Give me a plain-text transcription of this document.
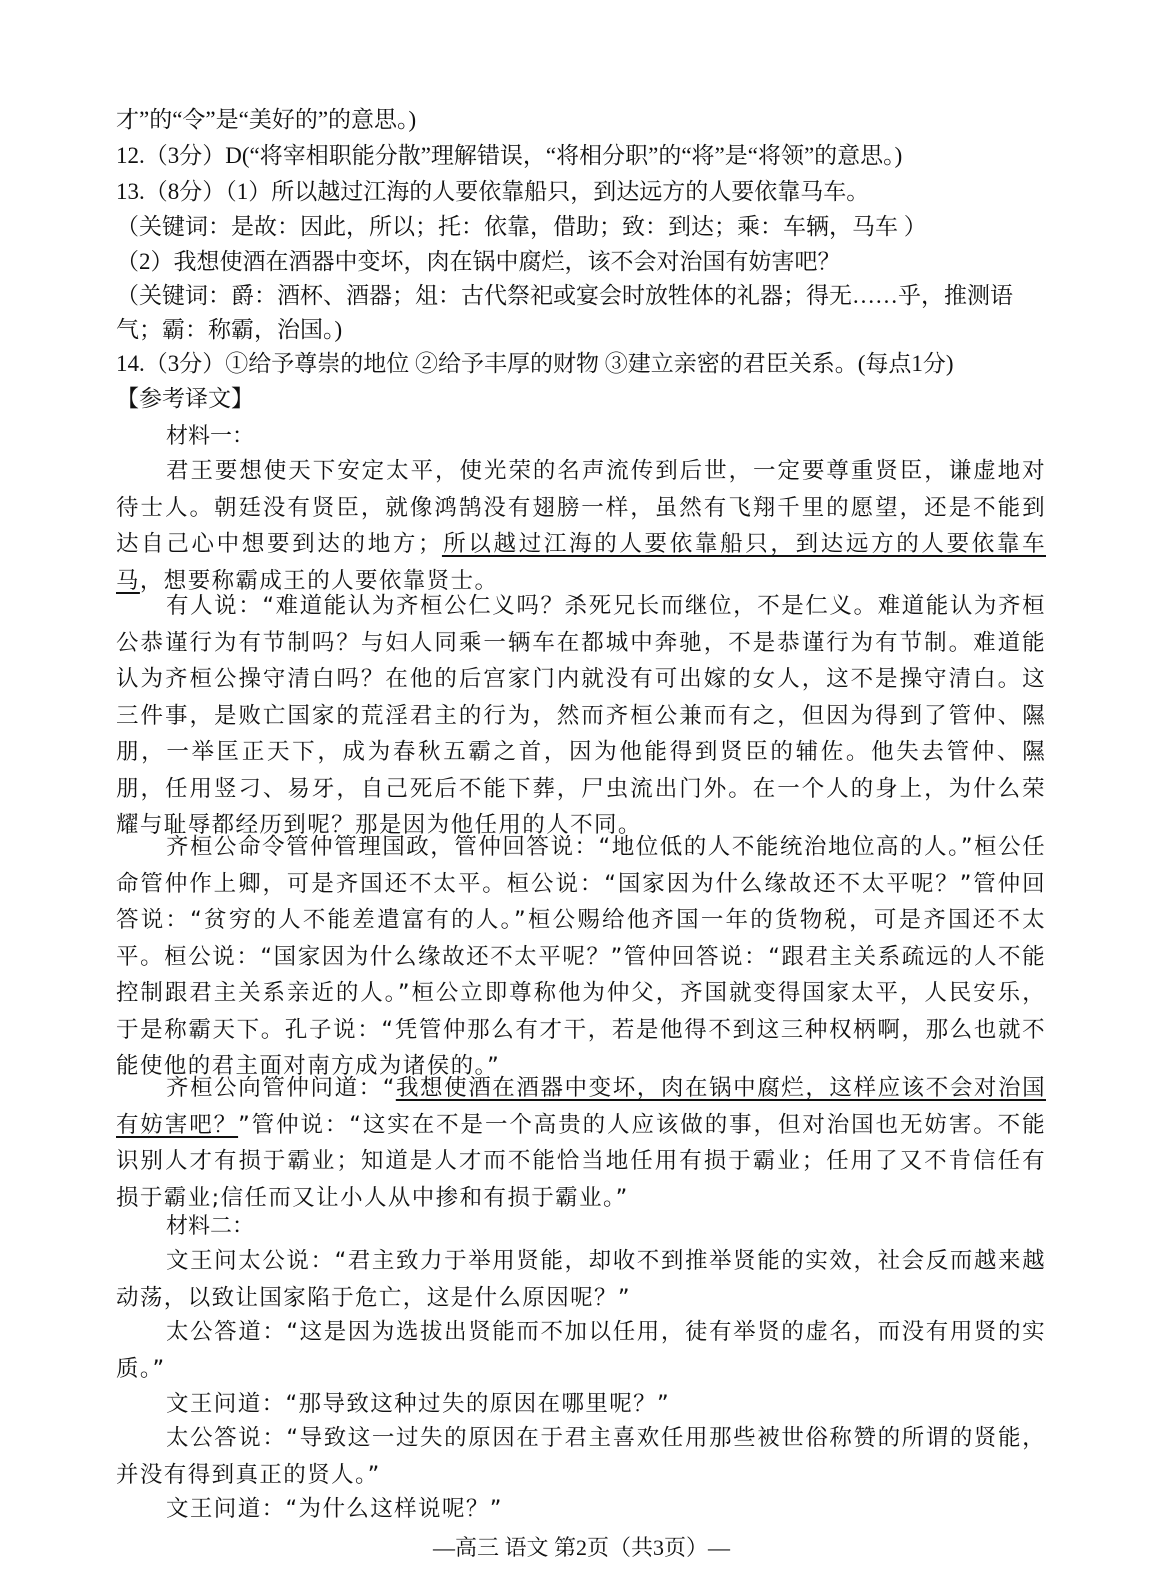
才”的“令”是“美好的”的意思。)
12.（3分）D(“将宰相职能分散”理解错误，“将相分职”的“将”是“将领”的意思。)
13.（8分）（1）所以越过江海的人要依靠船只，到达远方的人要依靠马车。
（关键词：是故：因此，所以；托：依靠，借助；致：到达；乘：车辆，马车 ）
（2）我想使酒在酒器中变坏，肉在锅中腐烂，该不会对治国有妨害吧？
（关键词：爵：酒杯、酒器；俎：古代祭祀或宴会时放牲体的礼器；得无……乎，推测语
气；霸：称霸，治国。)
14.（3分）①给予尊崇的地位 ②给予丰厚的财物 ③建立亲密的君臣关系。(每点1分)
【参考译文】
材料一：
君王要想使天下安定太平，使光荣的名声流传到后世，一定要尊重贤臣，谦虚地对待士人。朝廷没有贤臣，就像鸿鹄没有翅膀一样，虽然有飞翔千里的愿望，还是不能到达自己心中想要到达的地方；所以越过江海的人要依靠船只，到达远方的人要依靠车马，想要称霸成王的人要依靠贤士。
有人说：“难道能认为齐桓公仁义吗？杀死兄长而继位，不是仁义。难道能认为齐桓公恭谨行为有节制吗？与妇人同乘一辆车在都城中奔驰，不是恭谨行为有节制。难道能认为齐桓公操守清白吗？在他的后宫家门内就没有可出嫁的女人，这不是操守清白。这三件事，是败亡国家的荒淫君主的行为，然而齐桓公兼而有之，但因为得到了管仲、隰朋，一举匡正天下，成为春秋五霸之首，因为他能得到贤臣的辅佐。他失去管仲、隰朋，任用竖刁、易牙，自己死后不能下葬，尸虫流出门外。在一个人的身上，为什么荣耀与耻辱都经历到呢？那是因为他任用的人不同。
齐桓公命令管仲管理国政，管仲回答说：“地位低的人不能统治地位高的人。”桓公任命管仲作上卿，可是齐国还不太平。桓公说：“国家因为什么缘故还不太平呢？”管仲回答说：“贫穷的人不能差遣富有的人。”桓公赐给他齐国一年的货物税，可是齐国还不太平。桓公说：“国家因为什么缘故还不太平呢？”管仲回答说：“跟君主关系疏远的人不能控制跟君主关系亲近的人。”桓公立即尊称他为仲父，齐国就变得国家太平，人民安乐，于是称霸天下。孔子说：“凭管仲那么有才干，若是他得不到这三种权柄啊，那么也就不能使他的君主面对南方成为诸侯的。”
齐桓公向管仲问道：“我想使酒在酒器中变坏，肉在锅中腐烂，这样应该不会对治国有妨害吧？”管仲说：“这实在不是一个高贵的人应该做的事，但对治国也无妨害。不能识别人才有损于霸业；知道是人才而不能恰当地任用有损于霸业；任用了又不肯信任有损于霸业;信任而又让小人从中掺和有损于霸业。”
材料二：
文王问太公说：“君主致力于举用贤能，却收不到推举贤能的实效，社会反而越来越动荡，以致让国家陷于危亡，这是什么原因呢？”
太公答道：“这是因为选拔出贤能而不加以任用，徒有举贤的虚名，而没有用贤的实质。”
文王问道：“那导致这种过失的原因在哪里呢？”
太公答说：“导致这一过失的原因在于君主喜欢任用那些被世俗称赞的所谓的贤能，并没有得到真正的贤人。”
文王问道：“为什么这样说呢？”
—高三 语文 第2页（共3页）—
